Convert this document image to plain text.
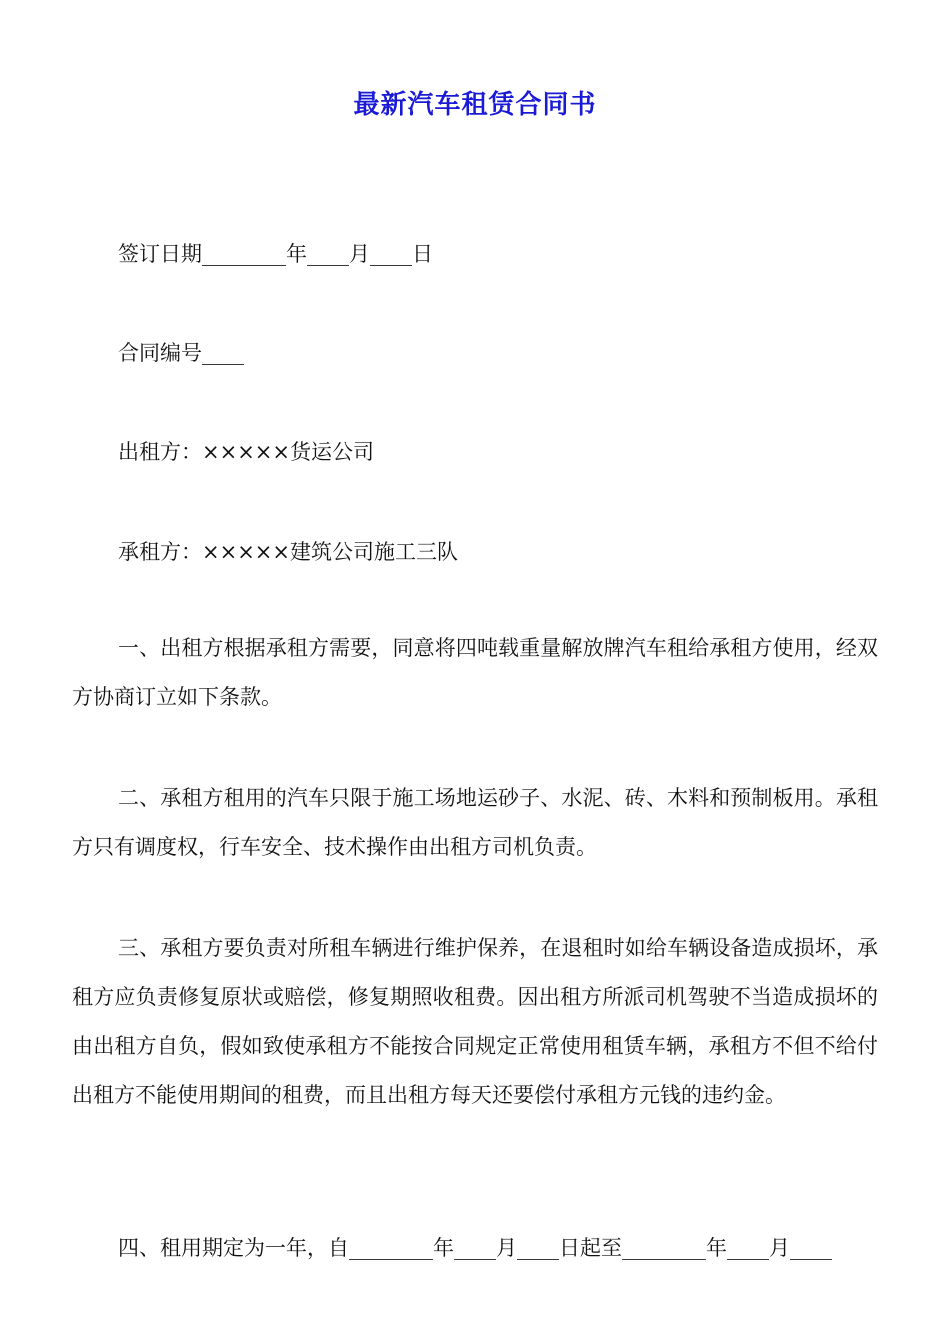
最新汽车租赁合同书
签订日期________年____月____日
合同编号____
出租方：×××××货运公司
承租方：×××××建筑公司施工三队

一、出租方根据承租方需要，同意将四吨载重量解放牌汽车租给承租方使用，经双方协商订立如下条款。

二、承租方租用的汽车只限于施工场地运砂子、水泥、砖、木料和预制板用。承租方只有调度权，行车安全、技术操作由出租方司机负责。

三、承租方要负责对所租车辆进行维护保养，在退租时如给车辆设备造成损坏，承租方应负责修复原状或赔偿，修复期照收租费。因出租方所派司机驾驶不当造成损坏的由出租方自负，假如致使承租方不能按合同规定正常使用租赁车辆，承租方不但不给付出租方不能使用期间的租费，而且出租方每天还要偿付承租方元钱的违约金。

四、租用期定为一年，自________年____月____日起至________年____月____
